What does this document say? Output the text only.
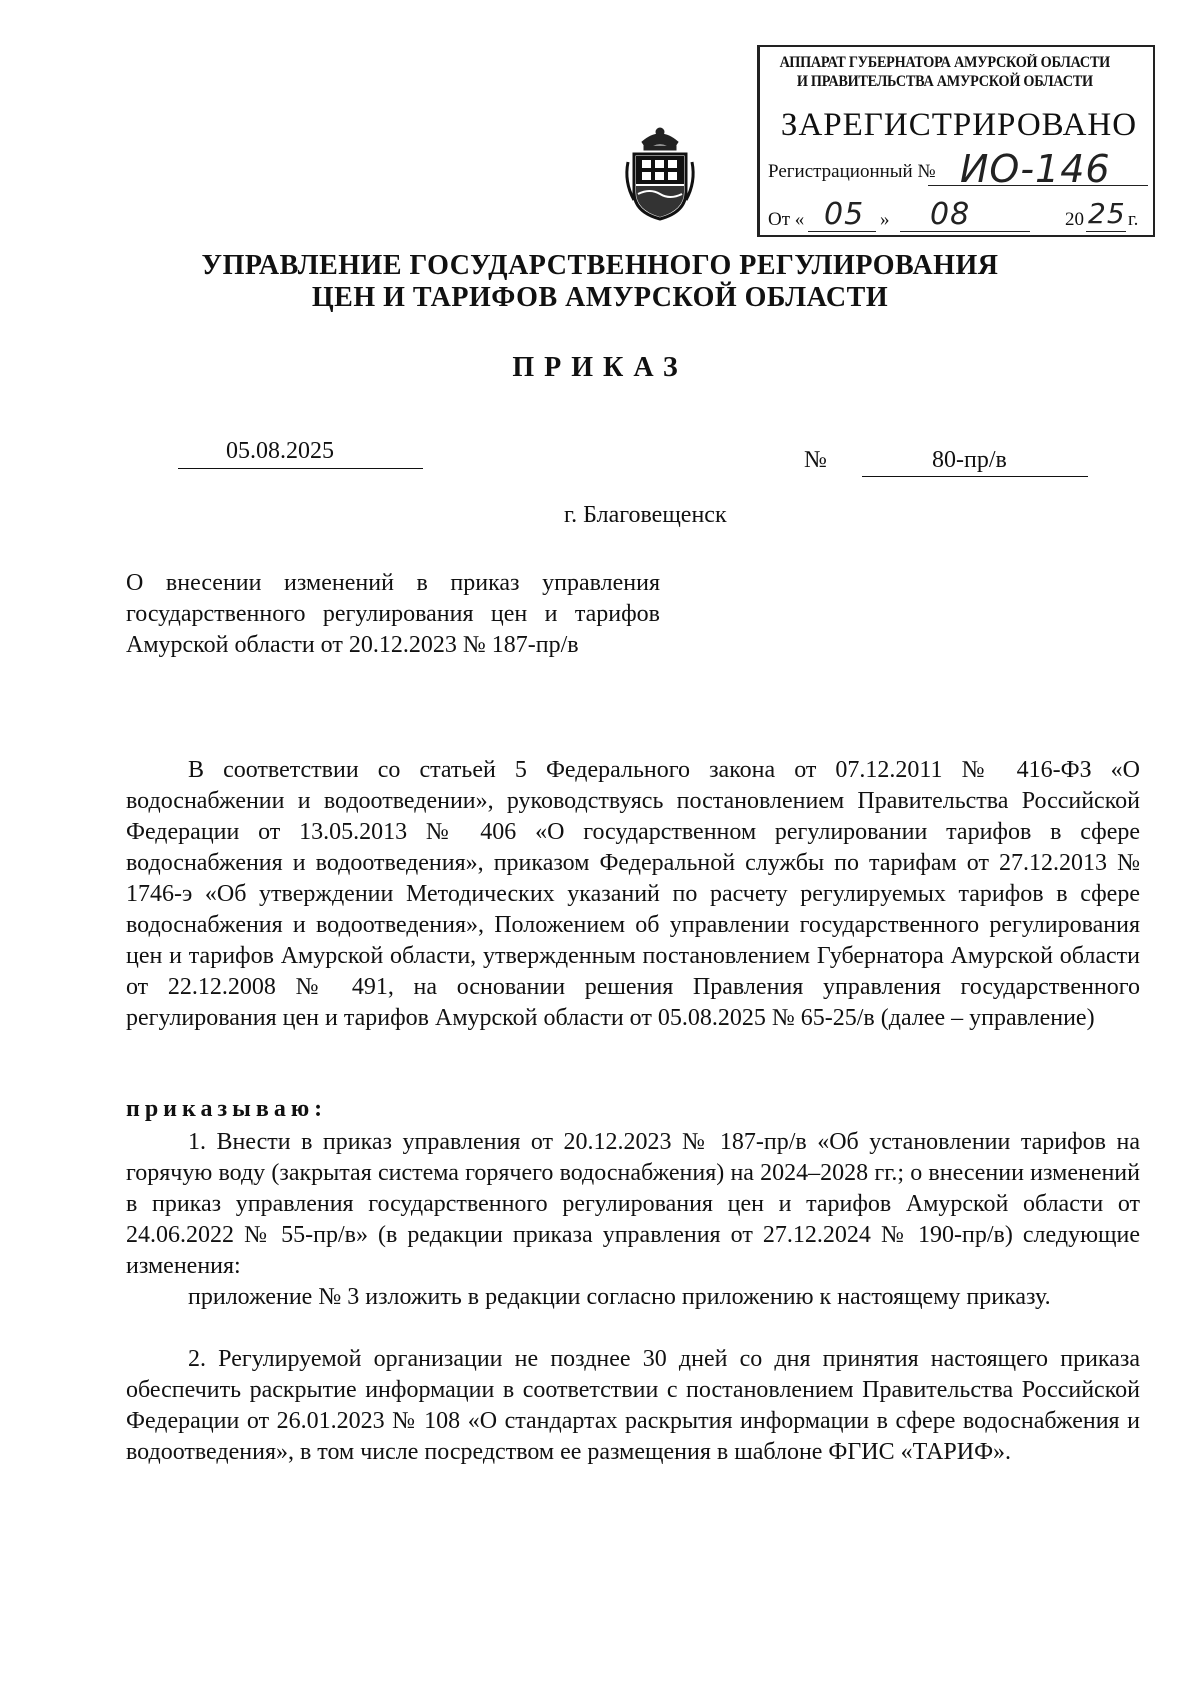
АППАРАТ ГУБЕРНАТОРА АМУРСКОЙ ОБЛАСТИ
И ПРАВИТЕЛЬСТВА АМУРСКОЙ ОБЛАСТИ
ЗАРЕГИСТРИРОВАНО
Регистрационный № ИО-146
От « 05 » 08	20 25 г.
УПРАВЛЕНИЕ ГОСУДАРСТВЕННОГО РЕГУЛИРОВАНИЯ
ЦЕН И ТАРИФОВ АМУРСКОЙ ОБЛАСТИ
ПРИКАЗ
05.08.2025	№	80-пр/в
г. Благовещенск
О внесении изменений в приказ управления государственного регулирования цен и тарифов Амурской области от 20.12.2023 № 187-пр/в
В соответствии со статьей 5 Федерального закона от 07.12.2011 № 416-ФЗ «О водоснабжении и водоотведении», руководствуясь постановлением Правительства Российской Федерации от 13.05.2013 № 406 «О государственном регулировании тарифов в сфере водоснабжения и водоотведения», приказом Федеральной службы по тарифам от 27.12.2013 № 1746-э «Об утверждении Методических указаний по расчету регулируемых тарифов в сфере водоснабжения и водоотведения», Положением об управлении государственного регулирования цен и тарифов Амурской области, утвержденным постановлением Губернатора Амурской области от 22.12.2008 № 491, на основании решения Правления управления государственного регулирования цен и тарифов Амурской области от 05.08.2025 № 65-25/в (далее – управление)
приказываю:
1. Внести в приказ управления от 20.12.2023 № 187-пр/в «Об установлении тарифов на горячую воду (закрытая система горячего водоснабжения) на 2024–2028 гг.; о внесении изменений в приказ управления государственного регулирования цен и тарифов Амурской области от 24.06.2022 № 55-пр/в» (в редакции приказа управления от 27.12.2024 № 190-пр/в) следующие изменения:
приложение № 3 изложить в редакции согласно приложению к настоящему приказу.
2. Регулируемой организации не позднее 30 дней со дня принятия настоящего приказа обеспечить раскрытие информации в соответствии с постановлением Правительства Российской Федерации от 26.01.2023 № 108 «О стандартах раскрытия информации в сфере водоснабжения и водоотведения», в том числе посредством ее размещения в шаблоне ФГИС «ТАРИФ».
